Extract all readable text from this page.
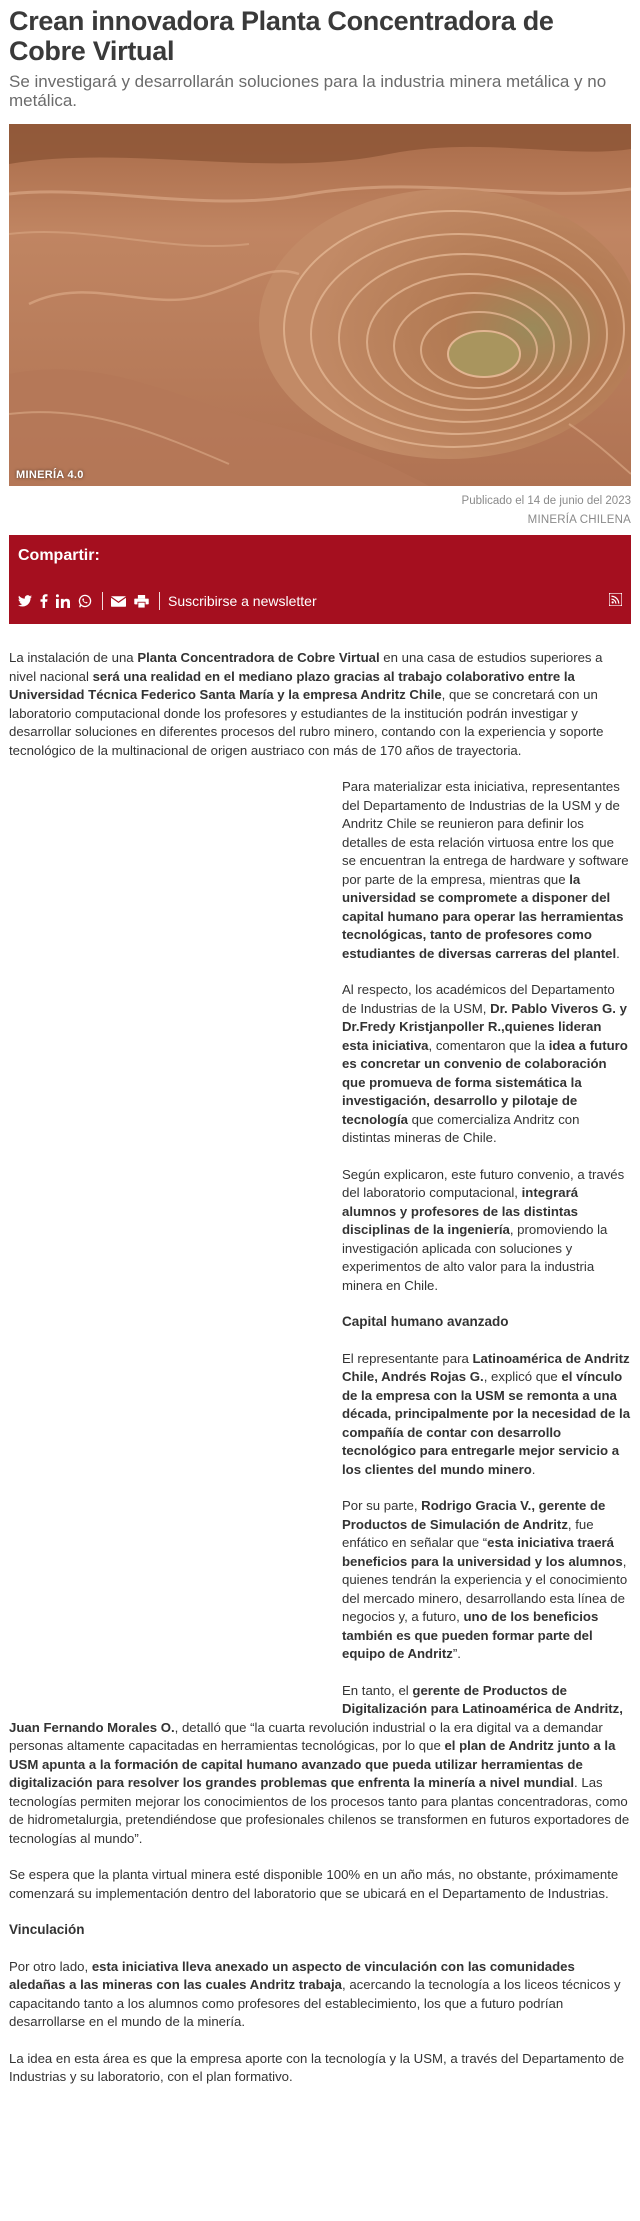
Crean innovadora Planta Concentradora de Cobre Virtual
Se investigará y desarrollarán soluciones para la industria minera metálica y no metálica.
MINERÍA 4.0
Publicado el 14 de junio del 2023
MINERÍA CHILENA
Compartir:
Suscribirse a newsletter

La instalación de una Planta Concentradora de Cobre Virtual en una casa de estudios superiores a nivel nacional será una realidad en el mediano plazo gracias al trabajo colaborativo entre la Universidad Técnica Federico Santa María y la empresa Andritz Chile, que se concretará con un laboratorio computacional donde los profesores y estudiantes de la institución podrán investigar y desarrollar soluciones en diferentes procesos del rubro minero, contando con la experiencia y soporte tecnológico de la multinacional de origen austriaco con más de 170 años de trayectoria.

Para materializar esta iniciativa, representantes del Departamento de Industrias de la USM y de Andritz Chile se reunieron para definir los detalles de esta relación virtuosa entre los que se encuentran la entrega de hardware y software por parte de la empresa, mientras que la universidad se compromete a disponer del capital humano para operar las herramientas tecnológicas, tanto de profesores como estudiantes de diversas carreras del plantel.

Al respecto, los académicos del Departamento de Industrias de la USM, Dr. Pablo Viveros G. y Dr.Fredy Kristjanpoller R.,quienes lideran esta iniciativa, comentaron que la idea a futuro es concretar un convenio de colaboración que promueva de forma sistemática la investigación, desarrollo y pilotaje de tecnología que comercializa Andritz con distintas mineras de Chile.

Según explicaron, este futuro convenio, a través del laboratorio computacional, integrará alumnos y profesores de las distintas disciplinas de la ingeniería, promoviendo la investigación aplicada con soluciones y experimentos de alto valor para la industria minera en Chile.

Capital humano avanzado

El representante para Latinoamérica de Andritz Chile, Andrés Rojas G., explicó que el vínculo de la empresa con la USM se remonta a una década, principalmente por la necesidad de la compañía de contar con desarrollo tecnológico para entregarle mejor servicio a los clientes del mundo minero.

Por su parte, Rodrigo Gracia V., gerente de Productos de Simulación de Andritz, fue enfático en señalar que “esta iniciativa traerá beneficios para la universidad y los alumnos, quienes tendrán la experiencia y el conocimiento del mercado minero, desarrollando esta línea de negocios y, a futuro, uno de los beneficios también es que pueden formar parte del equipo de Andritz”.

En tanto, el gerente de Productos de Digitalización para Latinoamérica de Andritz, Juan Fernando Morales O., detalló que “la cuarta revolución industrial o la era digital va a demandar personas altamente capacitadas en herramientas tecnológicas, por lo que el plan de Andritz junto a la USM apunta a la formación de capital humano avanzado que pueda utilizar herramientas de digitalización para resolver los grandes problemas que enfrenta la minería a nivel mundial. Las tecnologías permiten mejorar los conocimientos de los procesos tanto para plantas concentradoras, como de hidrometalurgia, pretendiéndose que profesionales chilenos se transformen en futuros exportadores de tecnologías al mundo”.

Se espera que la planta virtual minera esté disponible 100% en un año más, no obstante, próximamente comenzará su implementación dentro del laboratorio que se ubicará en el Departamento de Industrias.

Vinculación

Por otro lado, esta iniciativa lleva anexado un aspecto de vinculación con las comunidades aledañas a las mineras con las cuales Andritz trabaja, acercando la tecnología a los liceos técnicos y capacitando tanto a los alumnos como profesores del establecimiento, los que a futuro podrían desarrollarse en el mundo de la minería.

La idea en esta área es que la empresa aporte con la tecnología y la USM, a través del Departamento de Industrias y su laboratorio, con el plan formativo.
